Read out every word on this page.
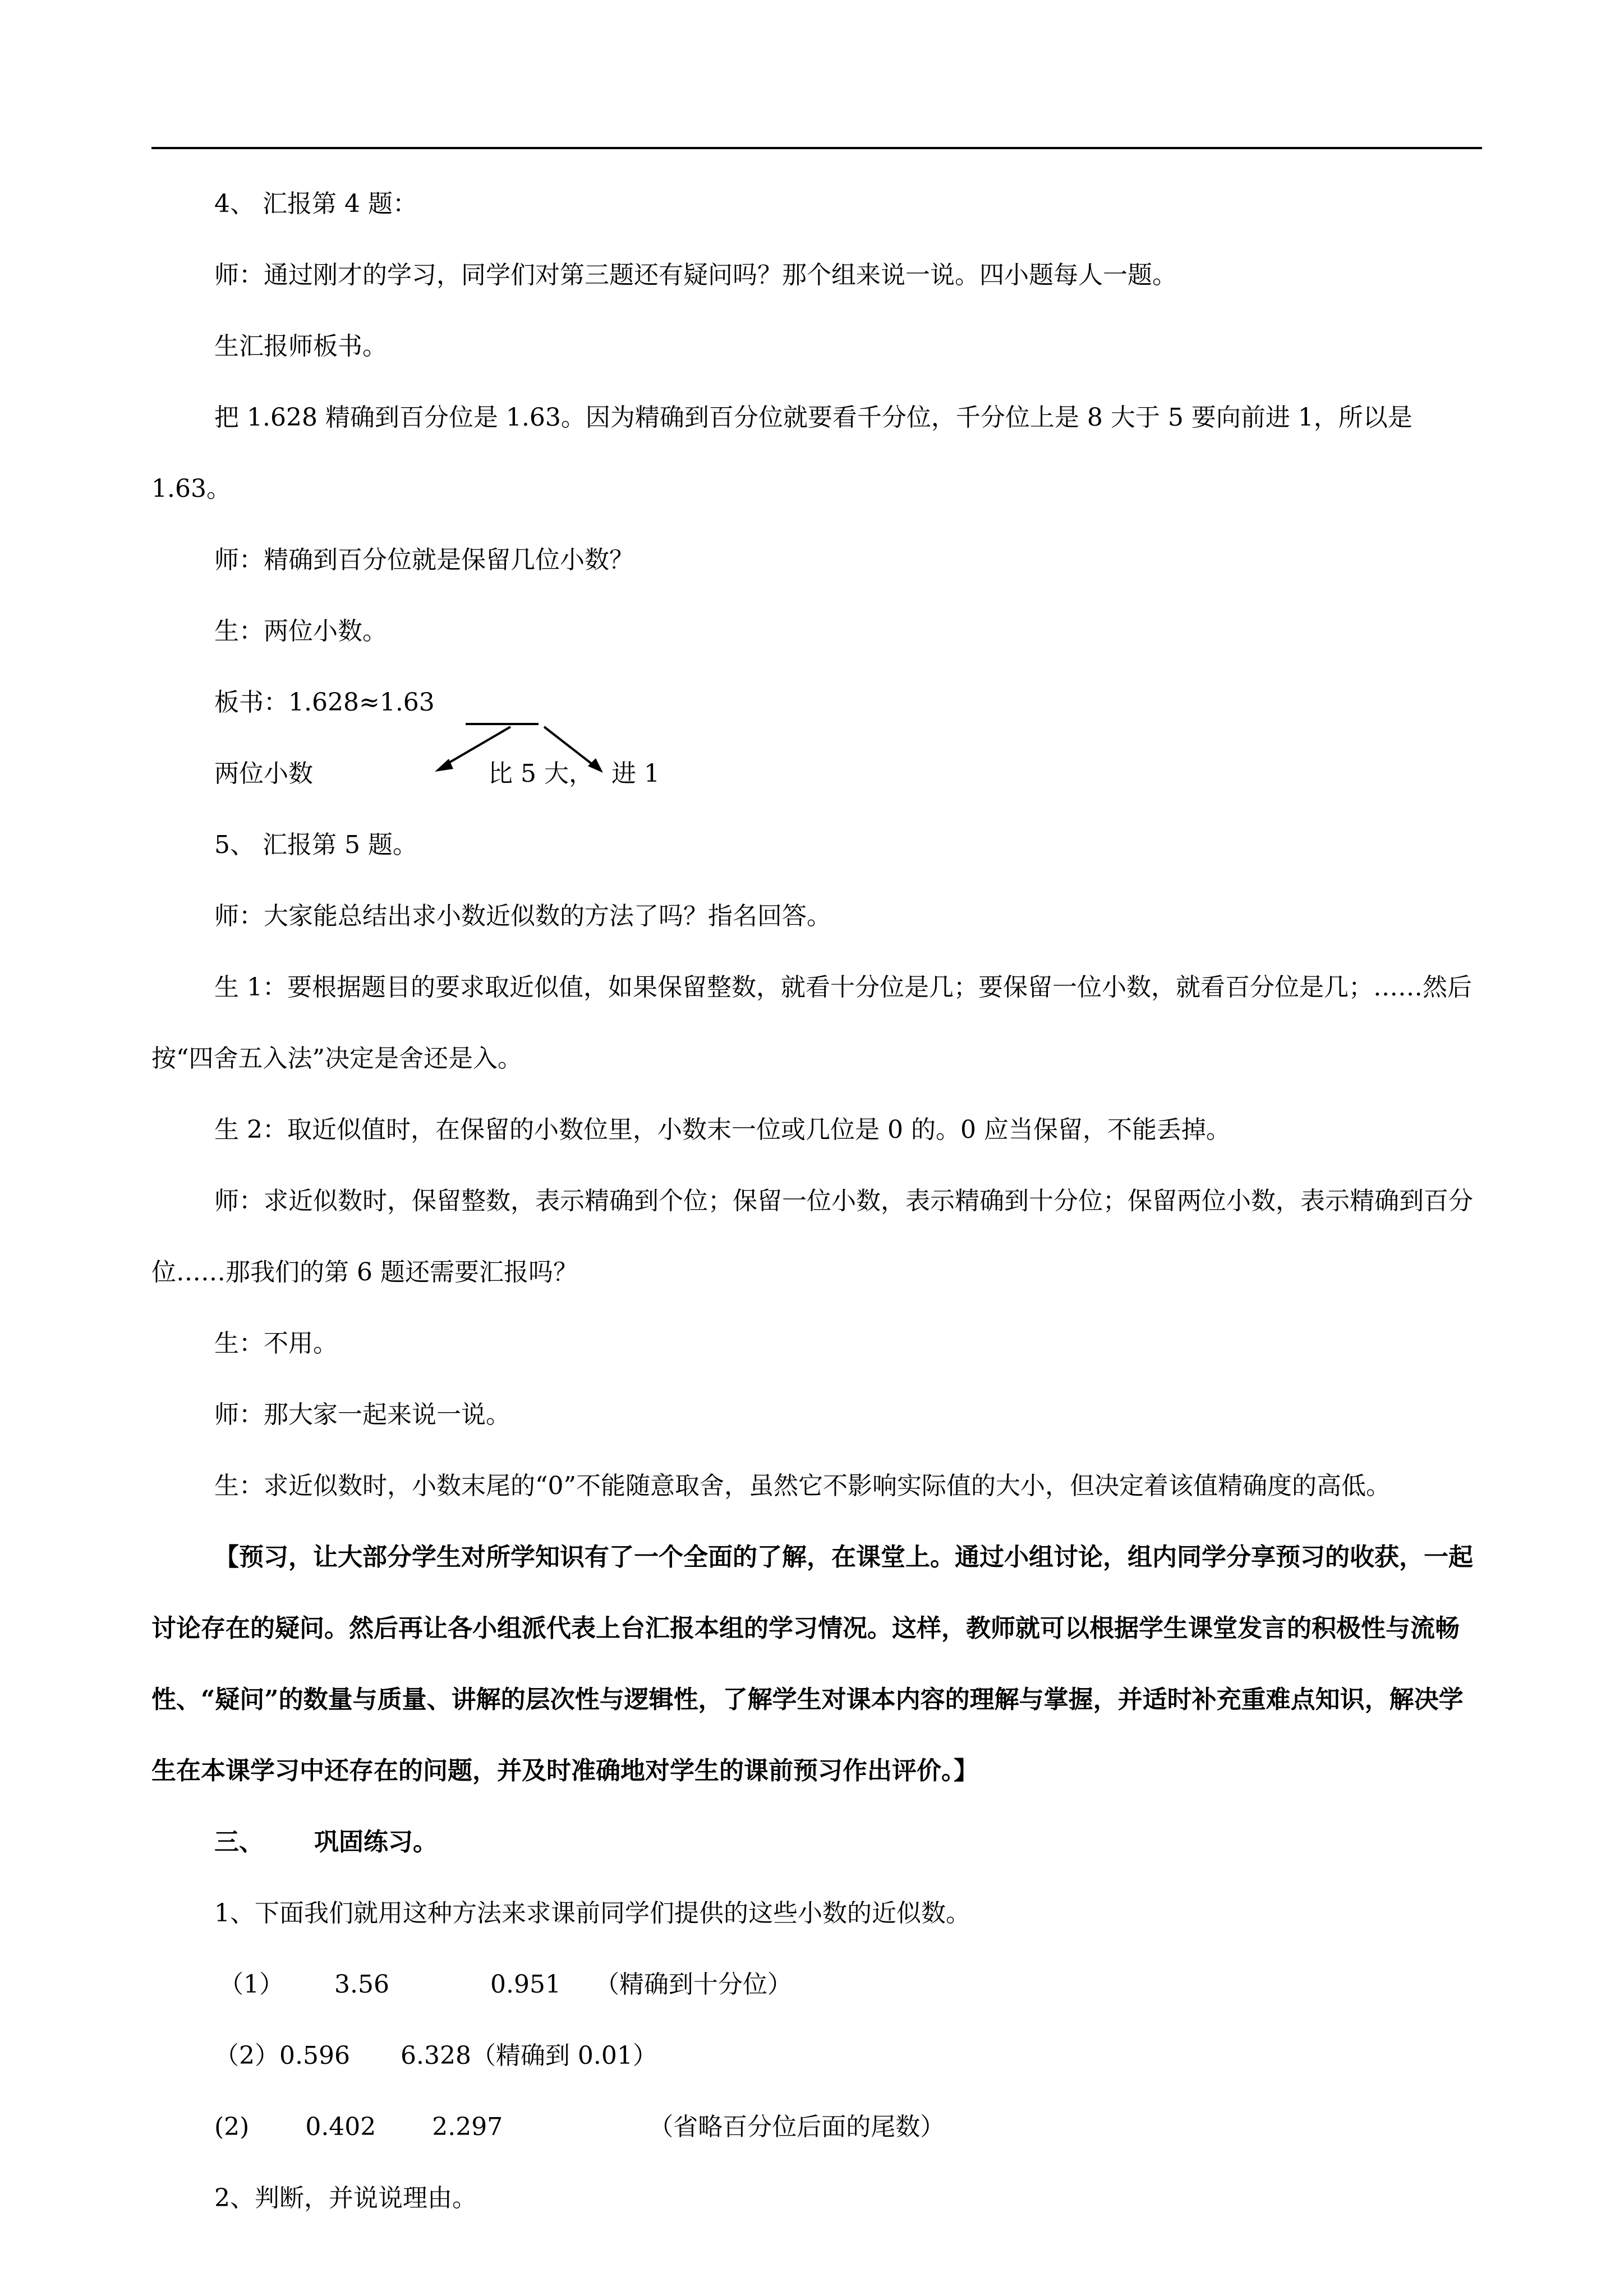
4、 汇报第 4 题：

师：通过刚才的学习，同学们对第三题还有疑问吗？那个组来说一说。四小题每人一题。

生汇报师板书。

把 1.628 精确到百分位是 1.63。因为精确到百分位就要看千分位，千分位上是 8 大于 5 要向前进 1，所以是 1.63。

师：精确到百分位就是保留几位小数？

生：两位小数。

板书：1.628≈1.63

两位小数

	比 5 大，

进 1

5、 汇报第 5 题。

师：大家能总结出求小数近似数的方法了吗？指名回答。

生 1：要根据题目的要求取近似值，如果保留整数，就看十分位是几；要保留一位小数，就看百分位是几；……然后按“四舍五入法”决定是舍还是入。

生 2：取近似值时，在保留的小数位里，小数末一位或几位是 0 的。0 应当保留，不能丢掉。

师：求近似数时，保留整数，表示精确到个位；保留一位小数，表示精确到十分位；保留两位小数，表示精确到百分位……那我们的第 6 题还需要汇报吗？

生：不用。

师：那大家一起来说一说。

生：求近似数时，小数末尾的“0”不能随意取舍，虽然它不影响实际值的大小，但决定着该值精确度的高低。

【预习，让大部分学生对所学知识有了一个全面的了解，在课堂上。通过小组讨论，组内同学分享预习的收获，一起讨论存在的疑问。然后再让各小组派代表上台汇报本组的学习情况。这样，教师就可以根据学生课堂发言的积极性与流畅性、“疑问”的数量与质量、讲解的层次性与逻辑性，了解学生对课本内容的理解与掌握，并适时补充重难点知识，解决学生在本课学习中还存在的问题，并及时准确地对学生的课前预习作出评价。】

三、 巩固练习。

1、下面我们就用这种方法来求课前同学们提供的这些小数的近似数。

（1） 3.56	0.951 （精确到十分位）

（2）0.596 6.328（精确到 0.01）

(2) 0.402 2.297	（省略百分位后面的尾数）

2、判断，并说说理由。
